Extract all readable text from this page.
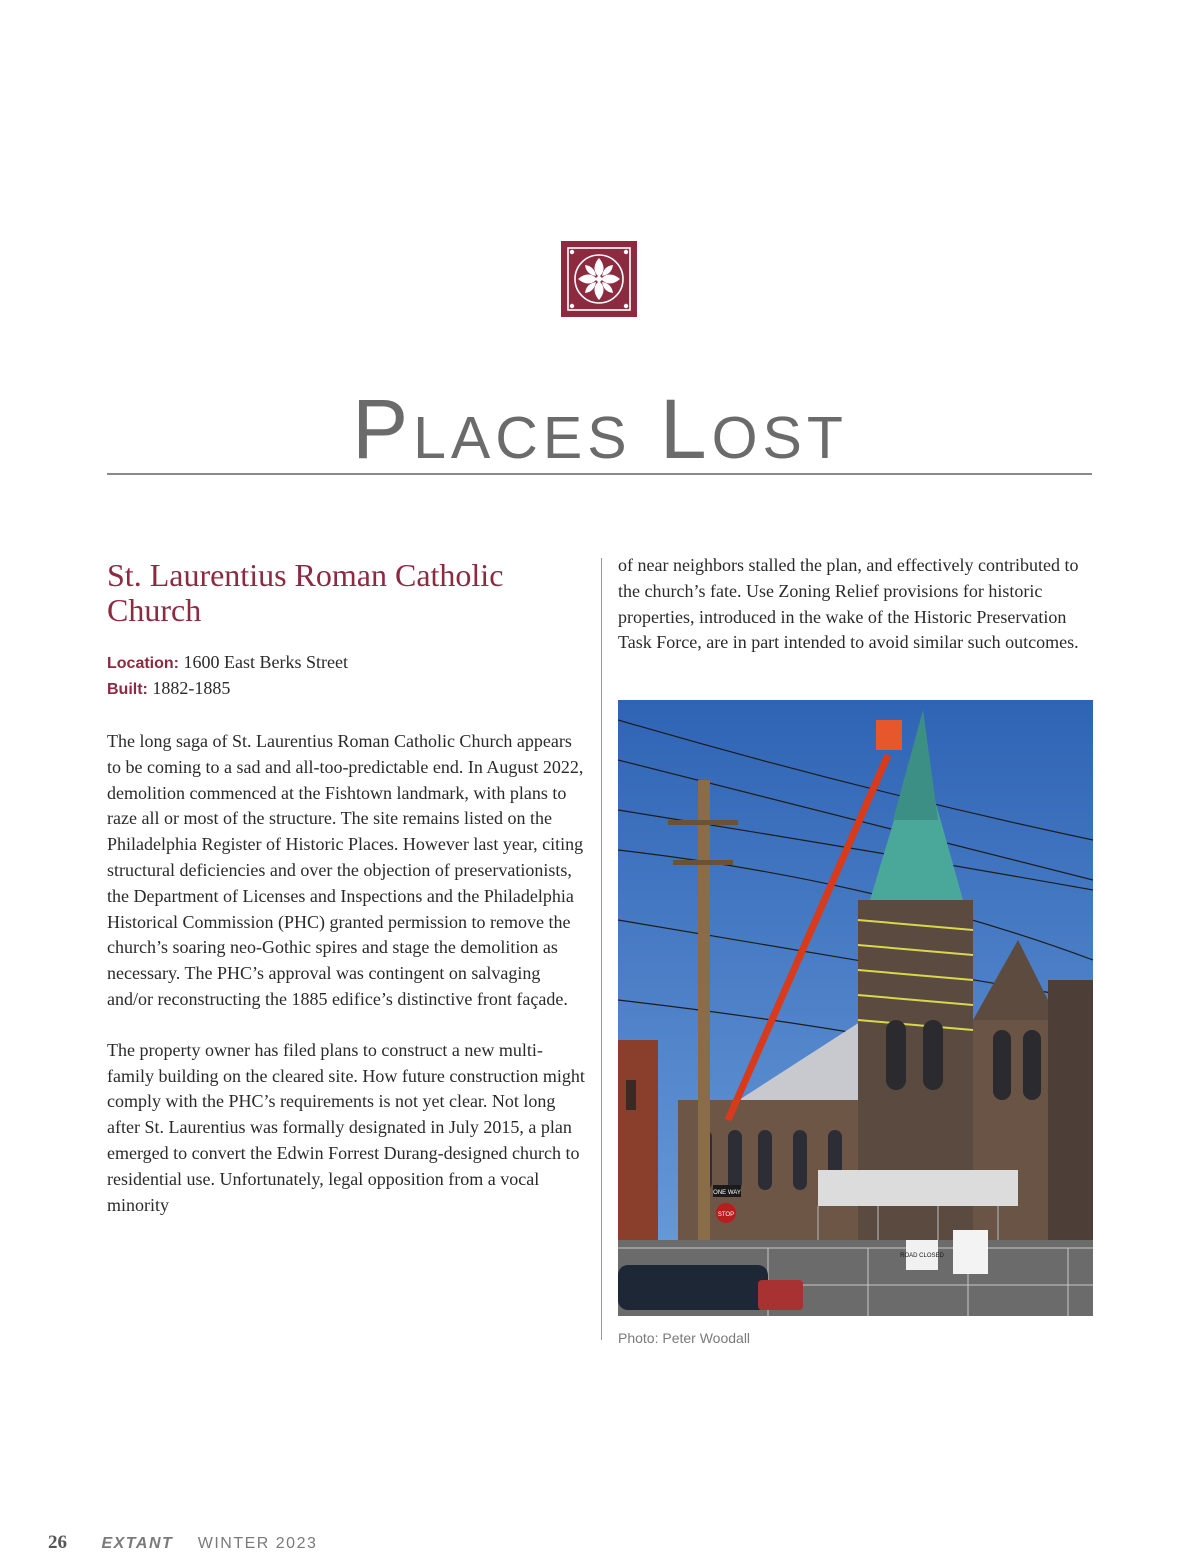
Places Lost
St. Laurentius Roman Catholic Church
Location: 1600 East Berks Street
Built: 1882-1885

The long saga of St. Laurentius Roman Catholic Church appears to be coming to a sad and all-too-predictable end. In August 2022, demolition commenced at the Fishtown landmark, with plans to raze all or most of the structure. The site remains listed on the Philadelphia Register of Historic Places. However last year, citing structural deficiencies and over the objection of preservationists, the Department of Licenses and Inspections and the Philadelphia Historical Commission (PHC) granted permission to remove the church’s soaring neo-Gothic spires and stage the demolition as necessary. The PHC’s approval was contingent on salvaging and/or reconstructing the 1885 edifice’s distinctive front façade.

The property owner has filed plans to construct a new multi-family building on the cleared site. How future construction might comply with the PHC’s requirements is not yet clear. Not long after St. Laurentius was formally designated in July 2015, a plan emerged to convert the Edwin Forrest Durang-designed church to residential use. Unfortunately, legal opposition from a vocal minority

of near neighbors stalled the plan, and effectively contributed to the church’s fate. Use Zoning Relief provisions for historic properties, introduced in the wake of the Historic Preservation Task Force, are in part intended to avoid similar such outcomes.

ONE WAY
STOP
ROAD CLOSED
Photo: Peter Woodall
26 EXTANT WINTER 2023
